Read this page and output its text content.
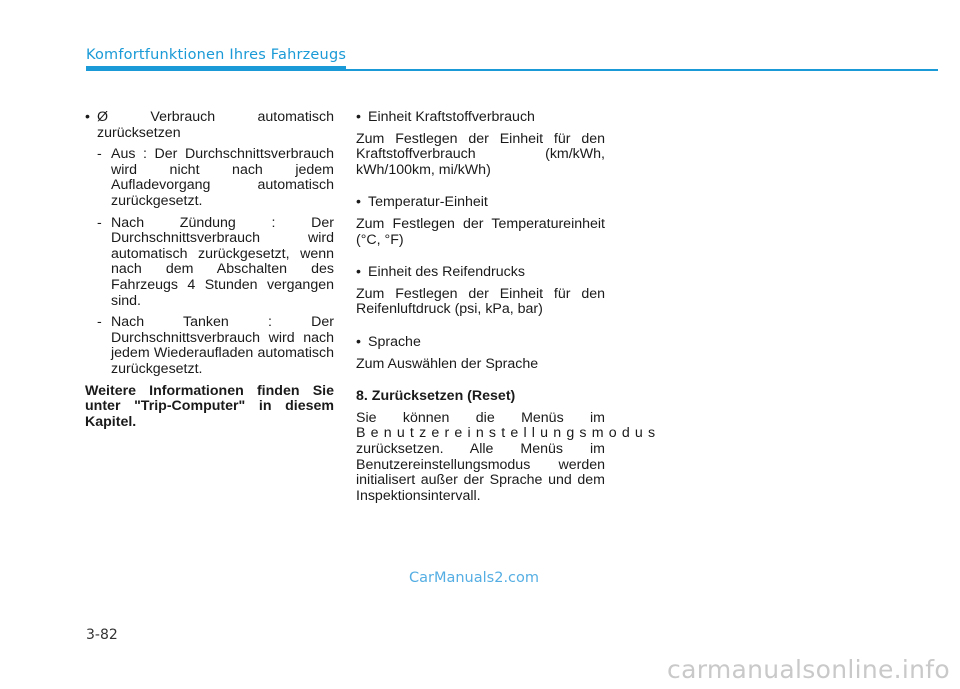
Komfortfunktionen Ihres Fahrzeugs

• Ø Verbrauch automatisch zurücksetzen

- Aus : Der Durchschnittsverbrauch wird nicht nach jedem Aufladevorgang automatisch zurückgesetzt.

- Nach Zündung : Der Durchschnittsverbrauch wird automatisch zurückgesetzt, wenn nach dem Abschalten des Fahrzeugs 4 Stunden vergangen sind.

- Nach Tanken : Der Durchschnittsverbrauch wird nach jedem Wiederaufladen automatisch zurückgesetzt.

Weitere Informationen finden Sie unter "Trip-Computer" in diesem Kapitel.

• Einheit Kraftstoffverbrauch

Zum Festlegen der Einheit für den Kraftstoffverbrauch (km/kWh, kWh/100km, mi/kWh)

• Temperatur-Einheit

Zum Festlegen der Temperatureinheit (°C, °F)

• Einheit des Reifendrucks

Zum Festlegen der Einheit für den Reifenluftdruck (psi, kPa, bar)

• Sprache

Zum Auswählen der Sprache

8. Zurücksetzen (Reset)

Sie können die Menüs im
Benutzereinstellungsmodus
zurücksetzen. Alle Menüs im Benutzereinstellungsmodus werden initialisert außer der Sprache und dem Inspektionsintervall.
CarManuals2.com
3-82
carmanualsonline.info
